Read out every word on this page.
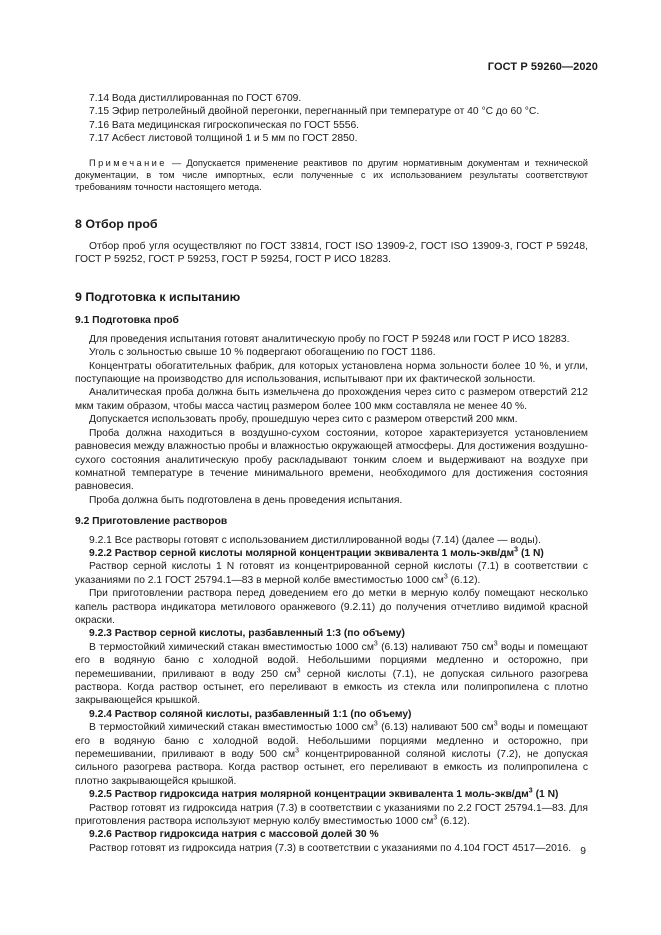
ГОСТ Р 59260—2020
7.14 Вода дистиллированная по ГОСТ 6709.
7.15 Эфир петролейный двойной перегонки, перегнанный при температуре от 40 °С до 60 °С.
7.16 Вата медицинская гигроскопическая по ГОСТ 5556.
7.17 Асбест листовой толщиной 1 и 5 мм по ГОСТ 2850.

Примечание — Допускается применение реактивов по другим нормативным документам и технической документации, в том числе импортных, если полученные с их использованием результаты соответствуют требованиям точности настоящего метода.

8 Отбор проб

Отбор проб угля осуществляют по ГОСТ 33814, ГОСТ ISO 13909-2, ГОСТ ISO 13909-3, ГОСТ Р 59248, ГОСТ Р 59252, ГОСТ Р 59253, ГОСТ Р 59254, ГОСТ Р ИСО 18283.

9 Подготовка к испытанию
9.1 Подготовка проб

Для проведения испытания готовят аналитическую пробу по ГОСТ Р 59248 или ГОСТ Р ИСО 18283.

Уголь с зольностью свыше 10 % подвергают обогащению по ГОСТ 1186.

Концентраты обогатительных фабрик, для которых установлена норма зольности более 10 %, и угли, поступающие на производство для использования, испытывают при их фактической зольности.

Аналитическая проба должна быть измельчена до прохождения через сито с размером отверстий 212 мкм таким образом, чтобы масса частиц размером более 100 мкм составляла не менее 40 %.

Допускается использовать пробу, прошедшую через сито с размером отверстий 200 мкм.

Проба должна находиться в воздушно-сухом состоянии, которое характеризуется установлением равновесия между влажностью пробы и влажностью окружающей атмосферы. Для достижения воздушно-сухого состояния аналитическую пробу раскладывают тонким слоем и выдерживают на воздухе при комнатной температуре в течение минимального времени, необходимого для достижения состояния равновесия.

Проба должна быть подготовлена в день проведения испытания.

9.2 Приготовление растворов

9.2.1 Все растворы готовят с использованием дистиллированной воды (7.14) (далее — воды).

9.2.2 Раствор серной кислоты молярной концентрации эквивалента 1 моль-$экв/дм^3$ (1 N)

Раствор серной кислоты 1 N готовят из концентрированной серной кислоты (7.1) в соответствии с указаниями по 2.1 ГОСТ 25794.1—83 в мерной колбе вместимостью 1000 $см^3$ (6.12).

При приготовлении раствора перед доведением его до метки в мерную колбу помещают несколько капель раствора индикатора метилового оранжевого (9.2.11) до получения отчетливо видимой красной окраски.

9.2.3 Раствор серной кислоты, разбавленный 1:3 (по объему)

В термостойкий химический стакан вместимостью 1000 $см^3$ (6.13) наливают 750 $см^3$ воды и помещают его в водяную баню с холодной водой. Небольшими порциями медленно и осторожно, при перемешивании, приливают в воду 250 $см^3$ серной кислоты (7.1), не допуская сильного разогрева раствора. Когда раствор остынет, его переливают в емкость из стекла или полипропилена с плотно закрывающейся крышкой.

9.2.4 Раствор соляной кислоты, разбавленный 1:1 (по объему)

В термостойкий химический стакан вместимостью 1000 $см^3$ (6.13) наливают 500 $см^3$ воды и помещают его в водяную баню с холодной водой. Небольшими порциями медленно и осторожно, при перемешивании, приливают в воду 500 $см^3$ концентрированной соляной кислоты (7.2), не допуская сильного разогрева раствора. Когда раствор остынет, его переливают в емкость из полипропилена с плотно закрывающейся крышкой.

9.2.5 Раствор гидроксида натрия молярной концентрации эквивалента 1 моль-$экв/дм^3$ (1 N)

Раствор готовят из гидроксида натрия (7.3) в соответствии с указаниями по 2.2 ГОСТ 25794.1—83. Для приготовления раствора используют мерную колбу вместимостью 1000 $см^3$ (6.12).

9.2.6 Раствор гидроксида натрия с массовой долей 30 %

Раствор готовят из гидроксида натрия (7.3) в соответствии с указаниями по 4.104 ГОСТ 4517—2016. 9
